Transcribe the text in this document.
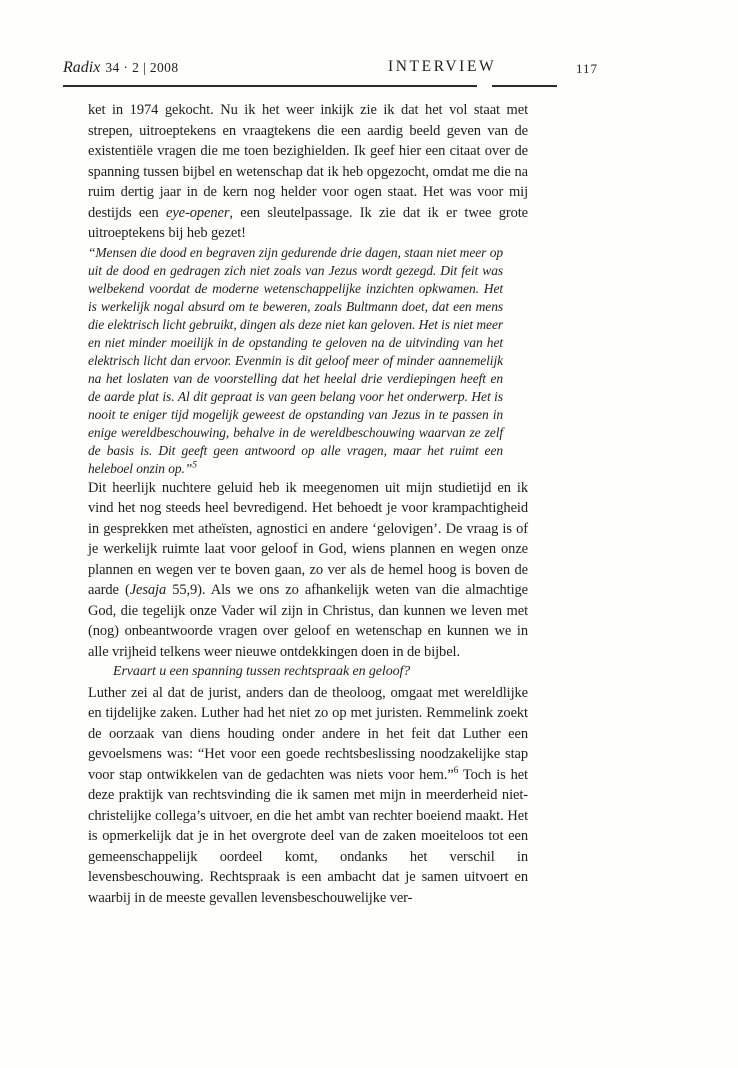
Radix 34 · 2 | 2008	INTERVIEW	117

ket in 1974 gekocht. Nu ik het weer inkijk zie ik dat het vol staat met strepen, uitroeptekens en vraagtekens die een aardig beeld geven van de existentiële vragen die me toen bezighielden. Ik geef hier een citaat over de spanning tussen bijbel en wetenschap dat ik heb opgezocht, omdat me die na ruim dertig jaar in de kern nog helder voor ogen staat. Het was voor mij destijds een eye-opener, een sleutelpassage. Ik zie dat ik er twee grote uitroeptekens bij heb gezet!

“Mensen die dood en begraven zijn gedurende drie dagen, staan niet meer op uit de dood en gedragen zich niet zoals van Jezus wordt gezegd. Dit feit was welbekend voordat de moderne wetenschappelijke inzichten opkwamen. Het is werkelijk nogal absurd om te beweren, zoals Bultmann doet, dat een mens die elektrisch licht gebruikt, dingen als deze niet kan geloven. Het is niet meer en niet minder moeilijk in de opstanding te geloven na de uitvinding van het elektrisch licht dan ervoor. Evenmin is dit geloof meer of minder aannemelijk na het loslaten van de voorstelling dat het heelal drie verdiepingen heeft en de aarde plat is. Al dit gepraat is van geen belang voor het onderwerp. Het is nooit te eniger tijd mogelijk geweest de opstanding van Jezus in te passen in enige wereldbeschouwing, behalve in de wereldbeschouwing waarvan ze zelf de basis is. Dit geeft geen antwoord op alle vragen, maar het ruimt een heleboel onzin op.”$^5$

Dit heerlijk nuchtere geluid heb ik meegenomen uit mijn studietijd en ik vind het nog steeds heel bevredigend. Het behoedt je voor krampachtigheid in gesprekken met atheïsten, agnostici en andere ‘gelovigen’. De vraag is of je werkelijk ruimte laat voor geloof in God, wiens plannen en wegen onze plannen en wegen ver te boven gaan, zo ver als de hemel hoog is boven de aarde (Jesaja 55,9). Als we ons zo afhankelijk weten van die almachtige God, die tegelijk onze Vader wil zijn in Christus, dan kunnen we leven met (nog) onbeantwoorde vragen over geloof en wetenschap en kunnen we in alle vrijheid telkens weer nieuwe ontdekkingen doen in de bijbel.

Ervaart u een spanning tussen rechtspraak en geloof?

Luther zei al dat de jurist, anders dan de theoloog, omgaat met wereldlijke en tijdelijke zaken. Luther had het niet zo op met juristen. Remmelink zoekt de oorzaak van diens houding onder andere in het feit dat Luther een gevoelsmens was: “Het voor een goede rechtsbeslissing noodzakelijke stap voor stap ontwikkelen van de gedachten was niets voor hem.”$^6$ Toch is het deze praktijk van rechtsvinding die ik samen met mijn in meerderheid niet-christelijke collega’s uitvoer, en die het ambt van rechter boeiend maakt. Het is opmerkelijk dat je in het overgrote deel van de zaken moeiteloos tot een gemeenschappelijk oordeel komt, ondanks het verschil in levensbeschouwing. Rechtspraak is een ambacht dat je samen uitvoert en waarbij in de meeste gevallen levensbeschouwelijke ver-
